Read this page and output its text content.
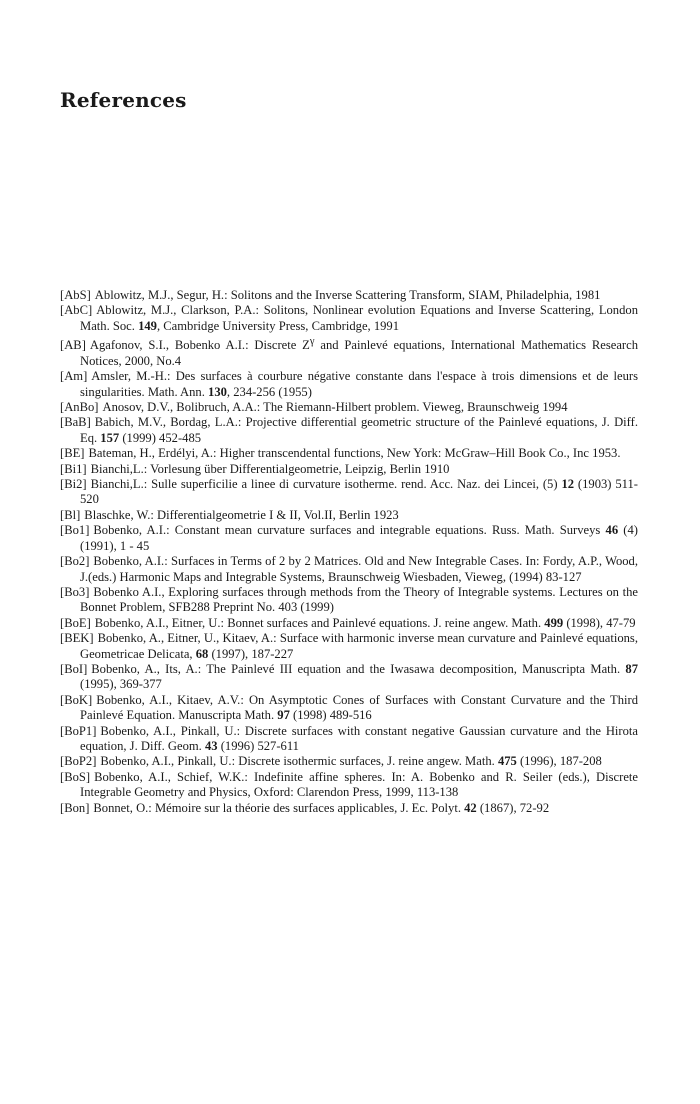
References
[AbS] Ablowitz, M.J., Segur, H.: Solitons and the Inverse Scattering Transform, SIAM, Philadelphia, 1981
[AbC] Ablowitz, M.J., Clarkson, P.A.: Solitons, Nonlinear evolution Equations and Inverse Scattering, London Math. Soc. 149, Cambridge University Press, Cambridge, 1991
[AB] Agafonov, S.I., Bobenko A.I.: Discrete $Z^\gamma$ and Painlevé equations, International Mathematics Research Notices, 2000, No.4
[Am] Amsler, M.-H.: Des surfaces à courbure négative constante dans l'espace à trois dimensions et de leurs singularities. Math. Ann. 130, 234-256 (1955)
[AnBo] Anosov, D.V., Bolibruch, A.A.: The Riemann-Hilbert problem. Vieweg, Braunschweig 1994
[BaB] Babich, M.V., Bordag, L.A.: Projective differential geometric structure of the Painlevé equations, J. Diff. Eq. 157 (1999) 452-485
[BE] Bateman, H., Erdélyi, A.: Higher transcendental functions, New York: McGraw–Hill Book Co., Inc 1953.
[Bi1] Bianchi,L.: Vorlesung über Differentialgeometrie, Leipzig, Berlin 1910
[Bi2] Bianchi,L.: Sulle superficilie a linee di curvature isotherme. rend. Acc. Naz. dei Lincei, (5) 12 (1903) 511-520
[Bl] Blaschke, W.: Differentialgeometrie I & II, Vol.II, Berlin 1923
[Bo1] Bobenko, A.I.: Constant mean curvature surfaces and integrable equations. Russ. Math. Surveys 46 (4) (1991), 1 - 45
[Bo2] Bobenko, A.I.: Surfaces in Terms of 2 by 2 Matrices. Old and New Integrable Cases. In: Fordy, A.P., Wood, J.(eds.) Harmonic Maps and Integrable Systems, Braunschweig Wiesbaden, Vieweg, (1994) 83-127
[Bo3] Bobenko A.I., Exploring surfaces through methods from the Theory of Integrable systems. Lectures on the Bonnet Problem, SFB288 Preprint No. 403 (1999)
[BoE] Bobenko, A.I., Eitner, U.: Bonnet surfaces and Painlevé equations. J. reine angew. Math. 499 (1998), 47-79
[BEK] Bobenko, A., Eitner, U., Kitaev, A.: Surface with harmonic inverse mean curvature and Painlevé equations, Geometricae Delicata, 68 (1997), 187-227
[BoI] Bobenko, A., Its, A.: The Painlevé III equation and the Iwasawa decomposition, Manuscripta Math. 87 (1995), 369-377
[BoK] Bobenko, A.I., Kitaev, A.V.: On Asymptotic Cones of Surfaces with Constant Curvature and the Third Painlevé Equation. Manuscripta Math. 97 (1998) 489-516
[BoP1] Bobenko, A.I., Pinkall, U.: Discrete surfaces with constant negative Gaussian curvature and the Hirota equation, J. Diff. Geom. 43 (1996) 527-611
[BoP2] Bobenko, A.I., Pinkall, U.: Discrete isothermic surfaces, J. reine angew. Math. 475 (1996), 187-208
[BoS] Bobenko, A.I., Schief, W.K.: Indefinite affine spheres. In: A. Bobenko and R. Seiler (eds.), Discrete Integrable Geometry and Physics, Oxford: Clarendon Press, 1999, 113-138
[Bon] Bonnet, O.: Mémoire sur la théorie des surfaces applicables, J. Ec. Polyt. 42 (1867), 72-92
